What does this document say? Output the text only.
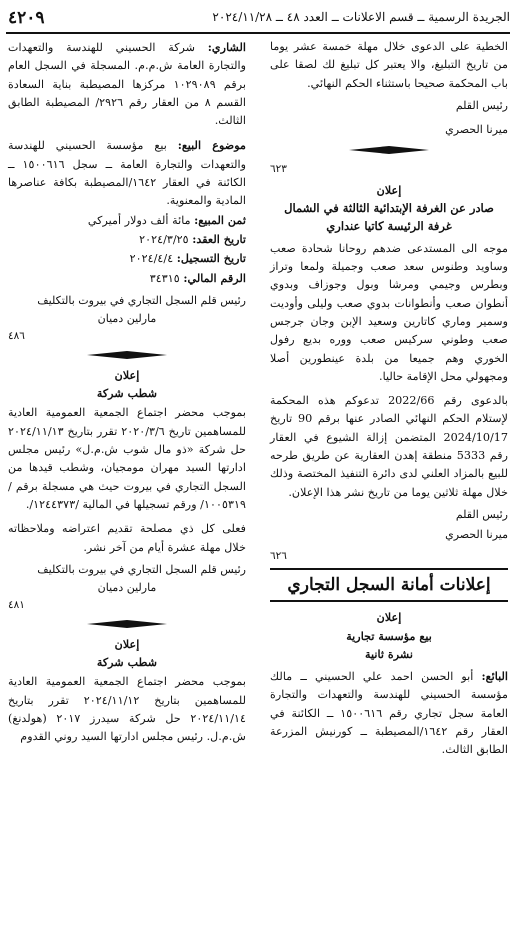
الجريدة الرسمية ــ قسم الاعلانات ــ العدد ٤٨ ــ ٢٠٢٤/١١/٢٨
٤٢٠٩

الخطية على الدعوى خلال مهلة خمسة عشر يوما من تاريخ التبليغ، والا يعتبر كل تبليغ لك لصقا على باب المحكمة صحيحا باستثناء الحكم النهائي.

رئيس القلم

ميرنا الحصري

٦٢٣

إعلان

صادر عن الغرفة الإبتدائية الثالثة في الشمال

غرفة الرئيسة كاتيا عنداري

موجه الى المستدعى ضدهم روحانا شحادة صعب وساويد وطنوس سعد صعب وجميلة ولمعا وتراز وبطرس وجيمي ومرشا وبول وجوزاف وبدوي أنطوان صعب وأنطوانات بدوي صعب وليلى وأوديت وسمير وماري كاتارين وسعيد الإبن وجان جرجس صعب وطوني سركيس صعب ووره بديع رفول الخوري وهم جميعا من بلدة عينطورين أصلا ومجهولي محل الإقامة حاليا.

بالدعوى رقم 2022/66 تدعوكم هذه المحكمة لإستلام الحكم النهائي الصادر عنها برقم 90 تاريخ 2024/10/17 المتضمن إزالة الشيوع في العقار رقم 5333 منطقة إهدن العقارية عن طريق طرحه للبيع بالمزاد العلني لدى دائرة التنفيذ المختصة وذلك خلال مهلة ثلاثين يوما من تاريخ نشر هذا الإعلان.

رئيس القلم

ميرنا الحصري

٦٢٦

إعلانات أمانة السجل التجاري

إعلان

بيع مؤسسة تجارية

نشرة ثانية

البائع: أبو الحسن احمد علي الحسيني ــ مالك مؤسسة الحسيني للهندسة والتعهدات والتجارة العامة سجل تجاري رقم ١٥٠٠٦١٦ ــ الكائنة في العقار رقم ١٦٤٢/المصيطبة ــ كورنيش المزرعة الطابق الثالث.

الشاري: شركة الحسيني للهندسة والتعهدات والتجارة العامة ش.م.م. المسجلة في السجل العام برقم ١٠٢٩٠٨٩ مركزها المصيطبة بناية السعادة القسم ٨ من العقار رقم ٢٩٢٦/ المصيطبة الطابق الثالث.

موضوع البيع: بيع مؤسسة الحسيني للهندسة والتعهدات والتجارة العامة ــ سجل ١٥٠٠٦١٦ ــ الكائنة في العقار ١٦٤٢/المصيطبة بكافة عناصرها المادية والمعنوية.

ثمن المبيع: مائة ألف دولار أميركي

تاريخ العقد: ٢٠٢٤/٣/٢٥

تاريخ التسجيل: ٢٠٢٤/٤/٤

الرقم المالي: ٣٤٣١٥

رئيس قلم السجل التجاري في بيروت بالتكليف

مارلين دميان

٤٨٦

إعلان

شطب شركة

بموجب محضر اجتماع الجمعية العمومية العادية للمساهمين تاريخ ٢٠٢٠/٣/٦ تقرر بتاريخ ٢٠٢٤/١١/١٣ حل شركة «ذو مال شوب ش.م.ل» رئيس مجلس ادارتها السيد مهران مومجيان، وشطب قيدها من السجل التجاري في بيروت حيث هي مسجلة برقم /١٠٠٥٣١٩/ ورقم تسجيلها في المالية /١٢٤٤٣٧٣/.

فعلى كل ذي مصلحة تقديم اعتراضه وملاحظاته خلال مهلة عشرة أيام من آخر نشر.

رئيس قلم السجل التجاري في بيروت بالتكليف

مارلين دميان

٤٨١

إعلان

شطب شركة

بموجب محضر اجتماع الجمعية العمومية العادية للمساهمين بتاريخ ٢٠٢٤/١١/١٢ تقرر بتاريخ ٢٠٢٤/١١/١٤ حل شركة سيدرز ٢٠١٧ (هولدنغ) ش.م.ل. رئيس مجلس ادارتها السيد روني القدوم
